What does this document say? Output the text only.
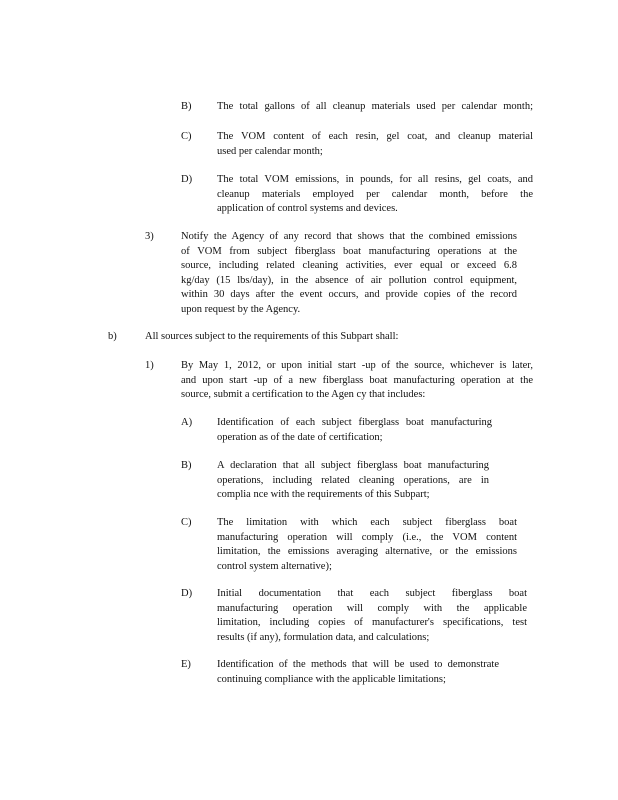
B) The total gallons of all cleanup materials used per calendar month;

C) The VOM content of each resin, gel coat, and cleanup material

used per calendar month;

D) The total VOM emissions, in pounds, for all resins, gel coats, and

cleanup materials employed per calendar month, before the

application of control systems and devices.

3)	Notify the Agency of any record that shows that the combined emissions

of VOM from subject fiberglass boat manufacturing operations at the

source, including related cleaning activities, ever equal or exceed 6.8

kg/day (15 lbs/day), in the absence of air pollution control equipment,

within 30 days after the event occurs, and provide copies of the record

upon request by the Agency.

b)	All sources subject to the requirements of this Subpart shall:

1)	By May 1, 2012, or upon initial start -up of the source, whichever is later,

and upon start -up of a new fiberglass boat manufacturing operation at the

source, submit a certification to the Agen cy that includes:

A) Identification of each subject fiberglass boat manufacturing

operation as of the date of certification;

B) A declaration that all subject fiberglass boat manufacturing

operations, including related cleaning operations, are in

complia nce with the requirements of this Subpart;

C) The limitation with which each subject fiberglass boat

manufacturing operation will comply (i.e., the VOM content

limitation, the emissions averaging alternative, or the emissions

control system alternative);

D) Initial documentation that each subject fiberglass boat

manufacturing operation will comply with the applicable

limitation, including copies of manufacturer's specifications, test

results (if any), formulation data, and calculations;

E) Identification of the methods that will be used to demonstrate

continuing compliance with the applicable limitations;
